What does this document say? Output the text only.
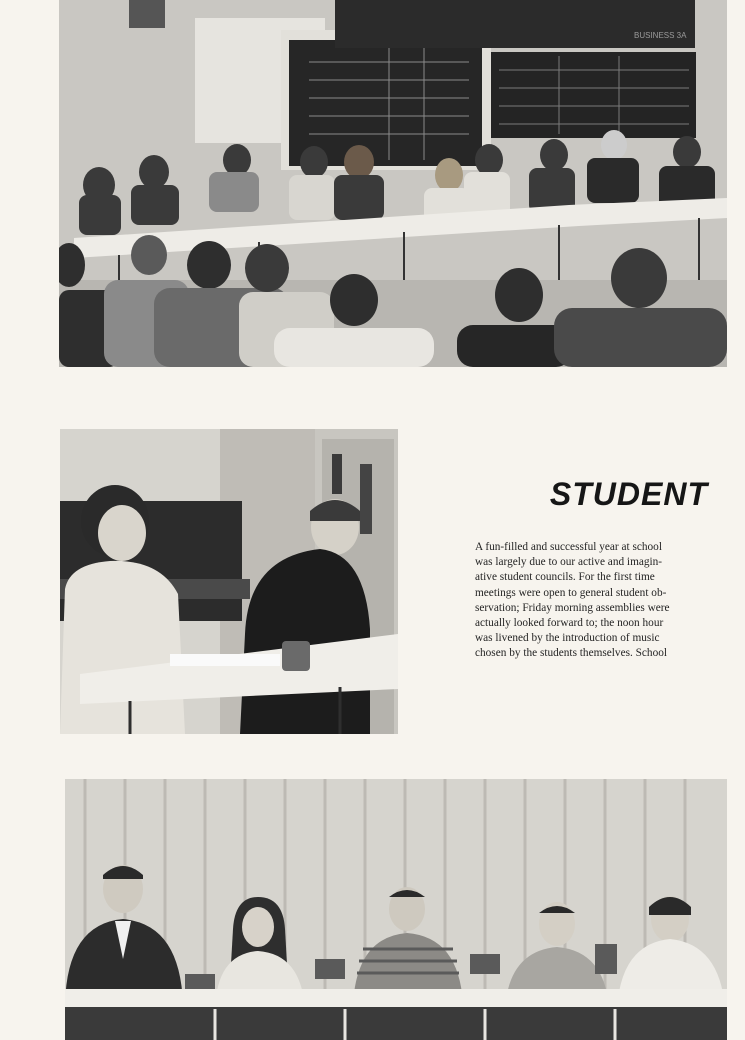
BUSINESS 3A
STUDENT

A fun-filled and successful year at school
was largely due to our active and imagin-
ative student councils. For the first time
meetings were open to general student ob-
servation; Friday morning assemblies were
actually looked forward to; the noon hour
was livened by the introduction of music
chosen by the students themselves. School
